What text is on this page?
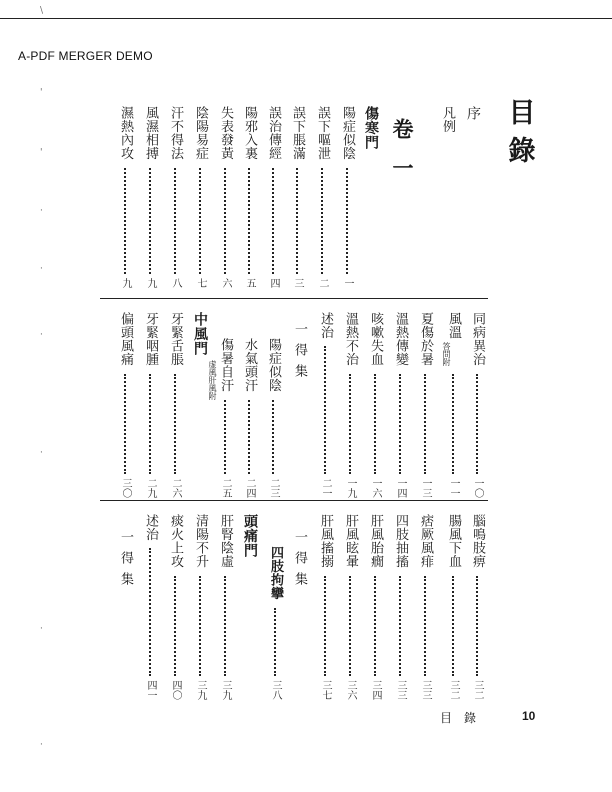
A-PDF MERGER DEMO
目
錄
序
凡例
卷一
傷寒門
陽症似陰
一
誤下嘔泄
二
誤下脹滿
三
誤治傳經
四
陽邪入裏
五
失表發黃
六
陰陽易症
七
汗不得法
八
風濕相搏
九
濕熱內攻
九
同病異治
一〇
風溫
答問附
一一
夏傷於暑
一三
溫熱傳變
一四
咳嗽失血
一六
溫熱不治
一九
述治
二一
一得集
陽症似陰
二三
水氣頭汗
二四
傷暑自汗
二五
中風門
虚風肝風附
牙緊舌脹
二六
牙緊咽腫
二九
偏頭風痛
三〇
腦鳴肢痹
三二
腸風下血
三二
痞厥風痱
三三
四肢抽搐
三三
肝風胎癇
三四
肝風眩暈
三六
肝風搐搦
三七
一得集
四肢拘攣
三八
頭痛門
肝腎陰虛
三九
清陽不升
三九
痰火上攻
四〇
述治
四一
一得集
目　錄	10
\
'
'
·
·
·
·
·
·
